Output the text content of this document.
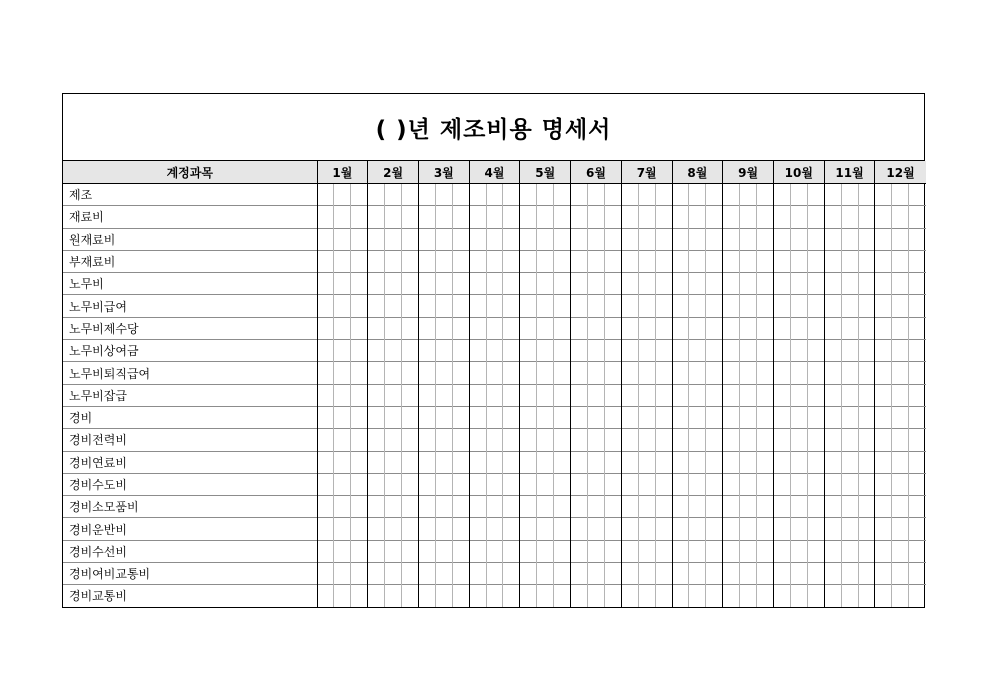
( )년 제조비용 명세서
계정과목	1월			2월			3월			4월			5월			6월			7월			8월			9월			10월			11월			12월		
제조																																				
재료비																																				
원재료비																																				
부재료비																																				
노무비																																				
노무비급여																																				
노무비제수당																																				
노무비상여금																																				
노무비퇴직급여																																				
노무비잡급																																				
경비																																				
경비전력비																																				
경비연료비																																				
경비수도비																																				
경비소모품비																																				
경비운반비																																				
경비수선비																																				
경비여비교통비																																				
경비교통비																																				
